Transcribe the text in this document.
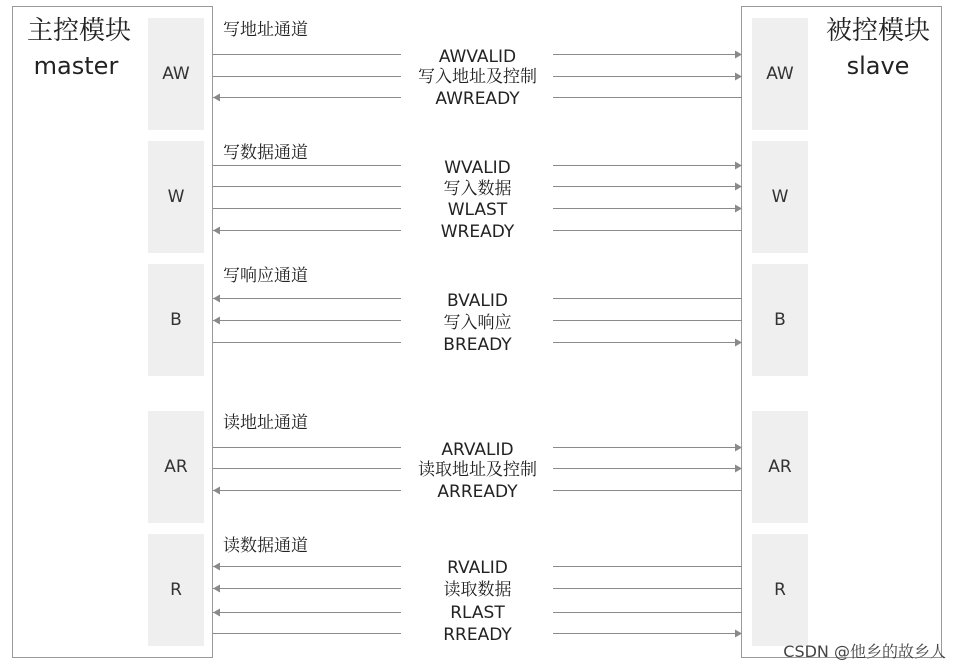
主控模块
master
被控模块
slave
AW	AW
W	W
B	B
AR	AR
R	R
写地址通道
写数据通道
写响应通道
读地址通道
读数据通道
AWVALID
写入地址及控制
AWREADY
WVALID
写入数据
WLAST
WREADY
BVALID
写入响应
BREADY
ARVALID
读取地址及控制
ARREADY
RVALID
读取数据
RLAST
RREADY
CSDN @他乡的故乡人
